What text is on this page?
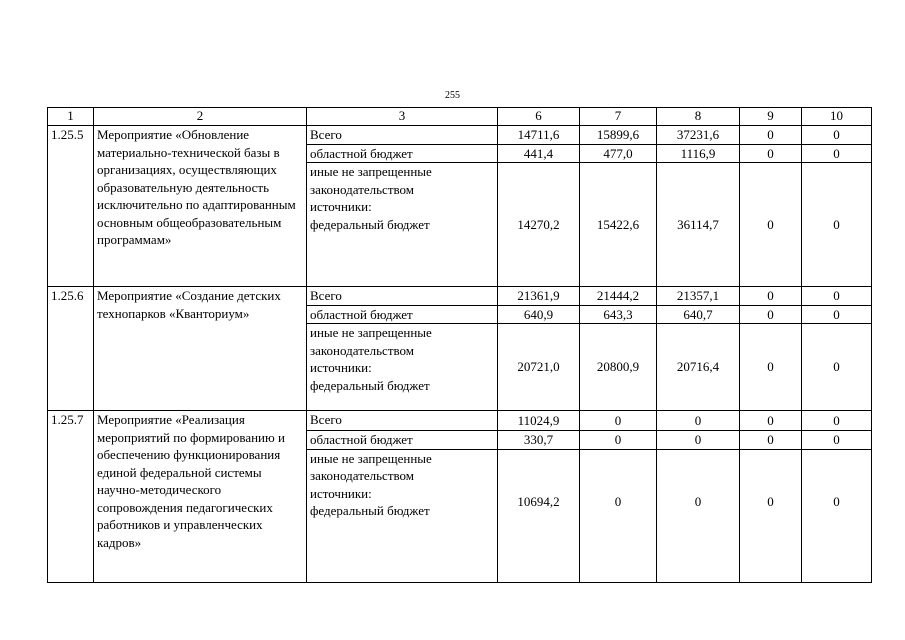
255
1	2	3	6	7	8	9	10
1.25.5	Мероприятие «Обновление материально-технической базы в организациях, осуществляющих образовательную деятельность исключительно по адаптированным основным общеобразовательным программам»	Всего	14711,6	15899,6	37231,6	0	0
		областной бюджет	441,4	477,0	1116,9	0	0

		иные не запрещенные
законодательством
источники:
федеральный бюджет	14270,2	15422,6	36114,7	0	0
1.25.6	Мероприятие «Создание детских технопарков «Кванториум»	Всего	21361,9	21444,2	21357,1	0	0
		областной бюджет	640,9	643,3	640,7	0	0

		иные не запрещенные
законодательством
источники:
федеральный бюджет	20721,0	20800,9	20716,4	0	0
1.25.7	Мероприятие «Реализация мероприятий по формированию и обеспечению функционирования единой федеральной системы научно-методического сопровождения педагогических работников и управленческих кадров»	Всего	11024,9	0	0	0	0
		областной бюджет	330,7	0	0	0	0

		иные не запрещенные
законодательством
источники:
федеральный бюджет	10694,2	0	0	0	0
